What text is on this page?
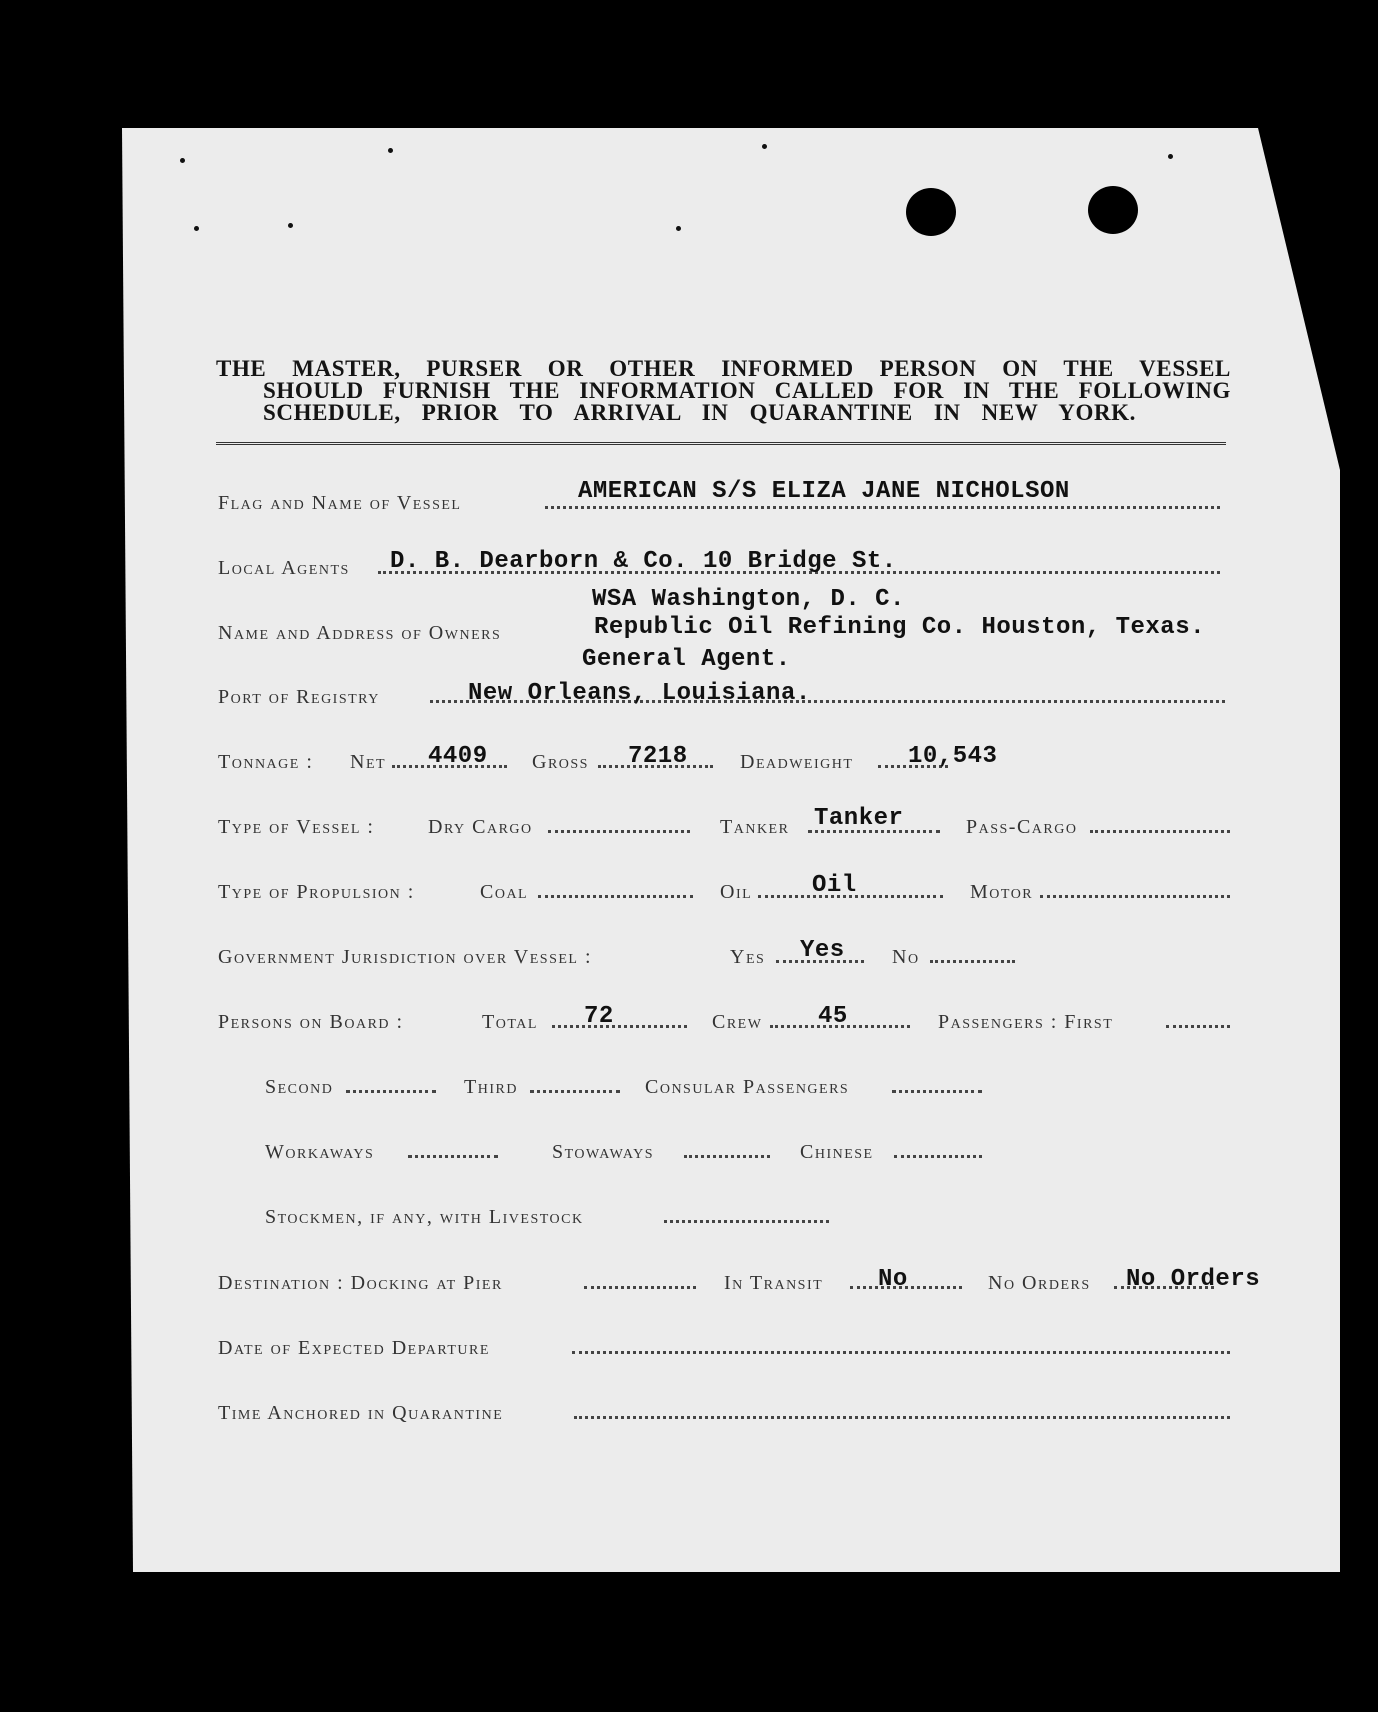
THE MASTER, PURSER OR OTHER INFORMED PERSON ON THE VESSEL
SHOULD FURNISH THE INFORMATION CALLED FOR IN THE FOLLOWING
SCHEDULE, PRIOR TO ARRIVAL IN QUARANTINE IN NEW YORK.
Flag and Name of Vessel	AMERICAN S/S ELIZA JANE NICHOLSON
Local Agents D. B. Dearborn & Co. 10 Bridge St.
WSA Washington, D. C.
Name and Address of Owners	Republic Oil Refining Co. Houston, Texas.
General Agent.
Port of Registry	New Orleans, Louisiana.
Tonnage : Net 4409 Gross 7218	Deadweight 10,543
Type of Vessel :	Dry Cargo	Tanker Tanker	Pass-Cargo
Type of Propulsion :	Coal	Oil Oil	Motor
Government Jurisdiction over Vessel :	Yes Yes No
Persons on Board :	Total 72	Crew 45	Passengers : First
Second	Third	Consular Passengers
Workaways	Stowaways	Chinese
Stockmen, if any, with Livestock
Destination : Docking at Pier	In Transit No	No Orders No Orders
Date of Expected Departure
Time Anchored in Quarantine
